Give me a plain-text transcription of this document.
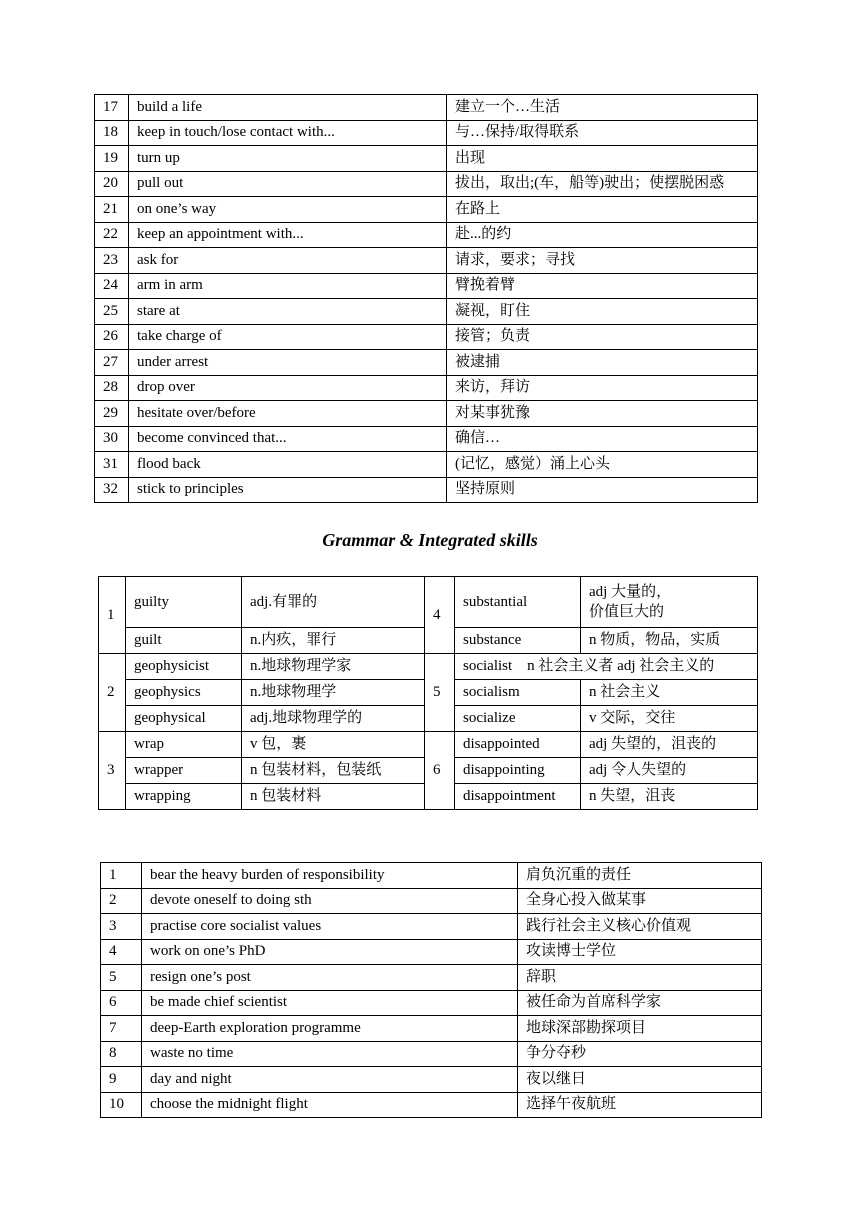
17	build a life	建立一个…生活
18	keep in touch/lose contact with...	与…保持/取得联系
19	turn up	出现
20	pull out	拔出，取出;(车，船等)驶出；使摆脱困惑
21	on one’s way	在路上
22	keep an appointment with...	赴...的约
23	ask for	请求，要求；寻找
24	arm in arm	臂挽着臂
25	stare at	凝视，盯住
26	take charge of	接管；负责
27	under arrest	被逮捕
28	drop over	来访，拜访
29	hesitate over/before	对某事犹豫
30	become convinced that...	确信…
31	flood back	(记忆，感觉）涌上心头
32	stick to principles	坚持原则
Grammar & Integrated skills
1	guilty	adj.有罪的	4	substantial	adj 大量的，
价值巨大的
	guilt	n.内疚，罪行		substance	n 物质，物品，实质
2	geophysicist	n.地球物理学家	5	socialist　n 社会主义者 adj 社会主义的	
	geophysics	n.地球物理学		socialism	n 社会主义
	geophysical	adj.地球物理学的		socialize	v 交际，交往
3	wrap	v 包，裹	6	disappointed	adj 失望的，沮丧的
	wrapper	n 包装材料，包装纸		disappointing	adj 令人失望的
	wrapping	n 包装材料		disappointment	n 失望，沮丧
1	bear the heavy burden of responsibility	肩负沉重的责任
2	devote oneself to doing sth	全身心投入做某事
3	practise core socialist values	践行社会主义核心价值观
4	work on one’s PhD	攻读博士学位
5	resign one’s post	辞职
6	be made chief scientist	被任命为首席科学家
7	deep-Earth exploration programme	地球深部勘探项目
8	waste no time	争分夺秒
9	day and night	夜以继日
10	choose the midnight flight	选择午夜航班
